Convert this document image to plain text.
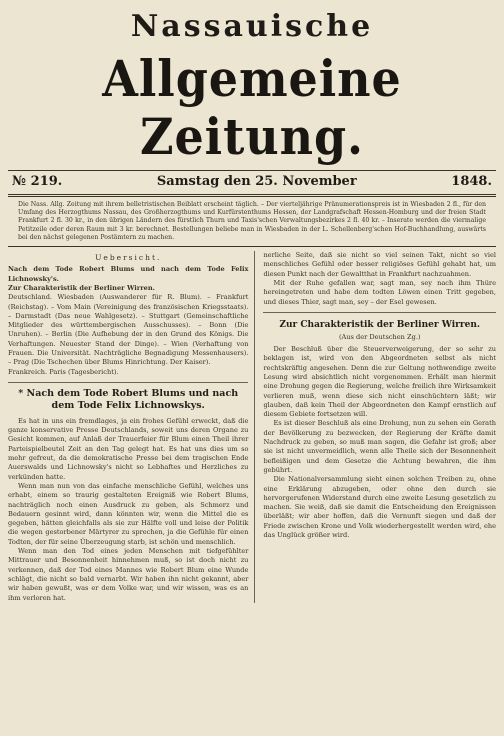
Nassauische
Allgemeine Zeitung.
№ 219.	Samstag den 25. November	1848.
Die Nass. Allg. Zeitung mit ihrem belletristischen Beiblatt erscheint täglich. – Der vierteljährige Pränumerationspreis ist in Wiesbaden 2 fl., für den Umfang des Herzogthums Nassau, des Großherzogthums und Kurfürstenthums Hessen, der Landgrafschaft Hessen-Homburg und der freien Stadt Frankfurt 2 fl. 30 kr., in den übrigen Ländern des fürstlich Thurn und Taxis'schen Verwaltungsbezirkes 2 fl. 40 kr. – Inserate werden die viermalige Petitzeile oder deren Raum mit 3 kr. berechnet. Bestellungen beliebe man in Wiesbaden in der L. Schellenberg'schen Hof-Buchhandlung, auswärts bei den nächst gelegenen Postämtern zu machen.
Uebersicht.

Nach dem Tode Robert Blums und nach dem Tode Felix Lichnowsky's.

Zur Charakteristik der Berliner Wirren.

Deutschland. Wiesbaden (Auswanderer für R. Blum). – Frankfurt (Reichstag). – Vom Main (Vereinigung des französischen Kriegsstaats). – Darmstadt (Das neue Wahlgesetz). – Stuttgart (Gemeinschaftliche Mitglieder des württembergischen Ausschusses). – Bonn (Die Unruhen). – Berlin (Die Aufhebung der in den Grund des Königs. Die Verhaftungen. Neuester Stand der Dinge). – Wien (Verhaftung von Frauen. Die Universität. Nachträgliche Begnadigung Messenhausers). – Prag (Die Tschechen über Blums Hinrichtung. Der Kaiser).

Frankreich. Paris (Tagesbericht).

* Nach dem Tode Robert Blums und nach dem Tode Felix Lichnowskys.

Es hat in uns ein fremdlages, ja ein frohes Gefühl erweckt, daß die ganze konservative Presse Deutschlands, soweit uns deren Organe zu Gesicht kommen, auf Anlaß der Trauerfeier für Blum einen Theil ihrer Parteispielbeutel Zeit an den Tag gelegt hat. Es hat uns dies um so mehr gefreut, da die demokratische Presse bei dem tragischen Ende Auerswalds und Lichnowsky's nicht so Lebhaftes und Herzliches zu verkünden hatte.

Wenn man nun von das einfache menschliche Gefühl, welches uns erhabt, einem so traurig gestalteten Ereigniß wie Robert Blums, nachträglich noch einen Ausdruck zu geben, als Schmerz und Bedauern gesinnt wird, dann könnten wir, wenn die Mittel die es gegeben, hätten gleichfalls als sie zur Hälfte voll und leise der Politik die wegen gestorbener Märtyrer zu sprechen, ja die Gefühle für einen Todten, der für seine Überzeugung starb, ist schön und menschlich.

Wenn man den Tod eines jeden Menschen mit tiefgefühlter Mittrauer und Besonnenheit hinnehmen muß, so ist doch nicht zu verkennen, daß der Tod eines Mannes wie Robert Blum eine Wunde schlägt, die nicht so bald vernarbt. Wir haben ihn nicht gekannt, aber wir haben gewußt, was er dem Volke war, und wir wissen, was es an ihm verloren hat.

nerliche Seite, daß sie nicht so viel seinen Takt, nicht so viel menschliches Gefühl oder besser religiöses Gefühl gehabt hat, um diesen Punkt nach der Gewaltthat in Frankfurt nachzuahmen.

Mit der Ruhe gefallen war, sagt man, sey nach ihm Thüre hereingetreten und habe dem todten Löwen einen Tritt gegeben, und dieses Thier, sagt man, sey – der Esel gewesen.

Zur Charakteristik der Berliner Wirren.
(Aus der Deutschen Zg.)

Der Beschluß über die Steuerverweigerung, der so sehr zu beklagen ist, wird von den Abgeordneten selbst als nicht rechtskräftig angesehen. Denn die zur Geltung nothwendige zweite Lesung wird absichtlich nicht vorgenommen. Erhält man hiermit eine Drohung gegen die Regierung, welche freilich ihre Wirksamkeit verlieren muß, wenn diese sich nicht einschüchtern läßt; wir glauben, daß kein Theil der Abgeordneten den Kampf ernstlich auf diesem Gebiete fortsetzen will.

Es ist dieser Beschluß als eine Drohung, nun zu sehen ein Gerath der Bevölkerung zu bezwecken, der Regierung der Kräfte damit Nachdruck zu geben, so muß man sagen, die Gefahr ist groß; aber sie ist nicht unvermeidlich, wenn alle Theile sich der Besonnenheit befleißigen und dem Gesetze die Achtung bewahren, die ihm gebührt.

Die Nationalversammlung sieht einen solchen Treiben zu, ohne eine Erklärung abzugeben, oder ohne den durch sie hervorgerufenen Widerstand durch eine zweite Lesung gesetzlich zu machen. Sie weiß, daß sie damit die Entscheidung den Ereignissen überläßt; wir aber hoffen, daß die Vernunft siegen und daß der Friede zwischen Krone und Volk wiederhergestellt werden wird, ehe das Unglück größer wird.
